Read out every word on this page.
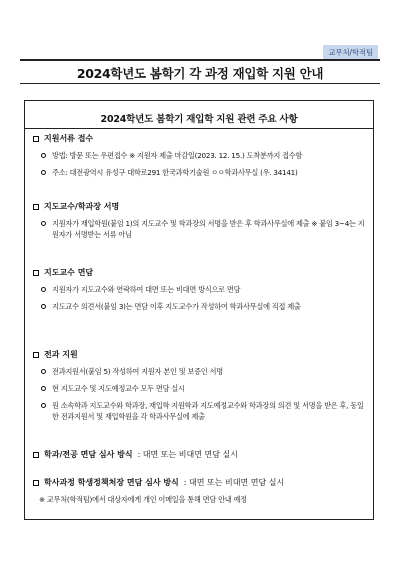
교무처/학적팀
2024학년도 봄학기 각 과정 재입학 지원 안내
2024학년도 봄학기 재입학 지원 관련 주요 사항
지원서류 접수
방법: 방문 또는 우편접수 ※ 지원자 제출 마감일(2023. 12. 15.) 도착분까지 접수함
주소: 대전광역시 유성구 대학로291 한국과학기술원 ㅇㅇ학과사무실 (우. 34141)
지도교수/학과장 서명
지원자가 재입학원(붙임 1)의 지도교수 및 학과장의 서명을 받은 후 학과사무실에 제출 ※ 붙임 3~4는 지원자가 서명받는 서류 아님
지도교수 면담
지원자가 지도교수와 연락하여 대면 또는 비대면 방식으로 면담
지도교수 의견서(붙임 3)는 면담 이후 지도교수가 작성하여 학과사무실에 직접 제출
전과 지원
전과지원서(붙임 5) 작성하여 지원자 본인 및 보증인 서명
현 지도교수 및 지도예정교수 모두 면담 실시
원 소속학과 지도교수와 학과장, 재입학 지원학과 지도예정교수와 학과장의 의견 및 서명을 받은 후, 동일한 전과지원서 및 재입학원을 각 학과사무실에 제출
학과/전공 면담 심사 방식 : 대면 또는 비대면 면담 실시
학사과정 학생정책처장 면담 심사 방식 : 대면 또는 비대면 면담 실시
※ 교무처(학적팀)에서 대상자에게 개인 이메일을 통해 면담 안내 예정
